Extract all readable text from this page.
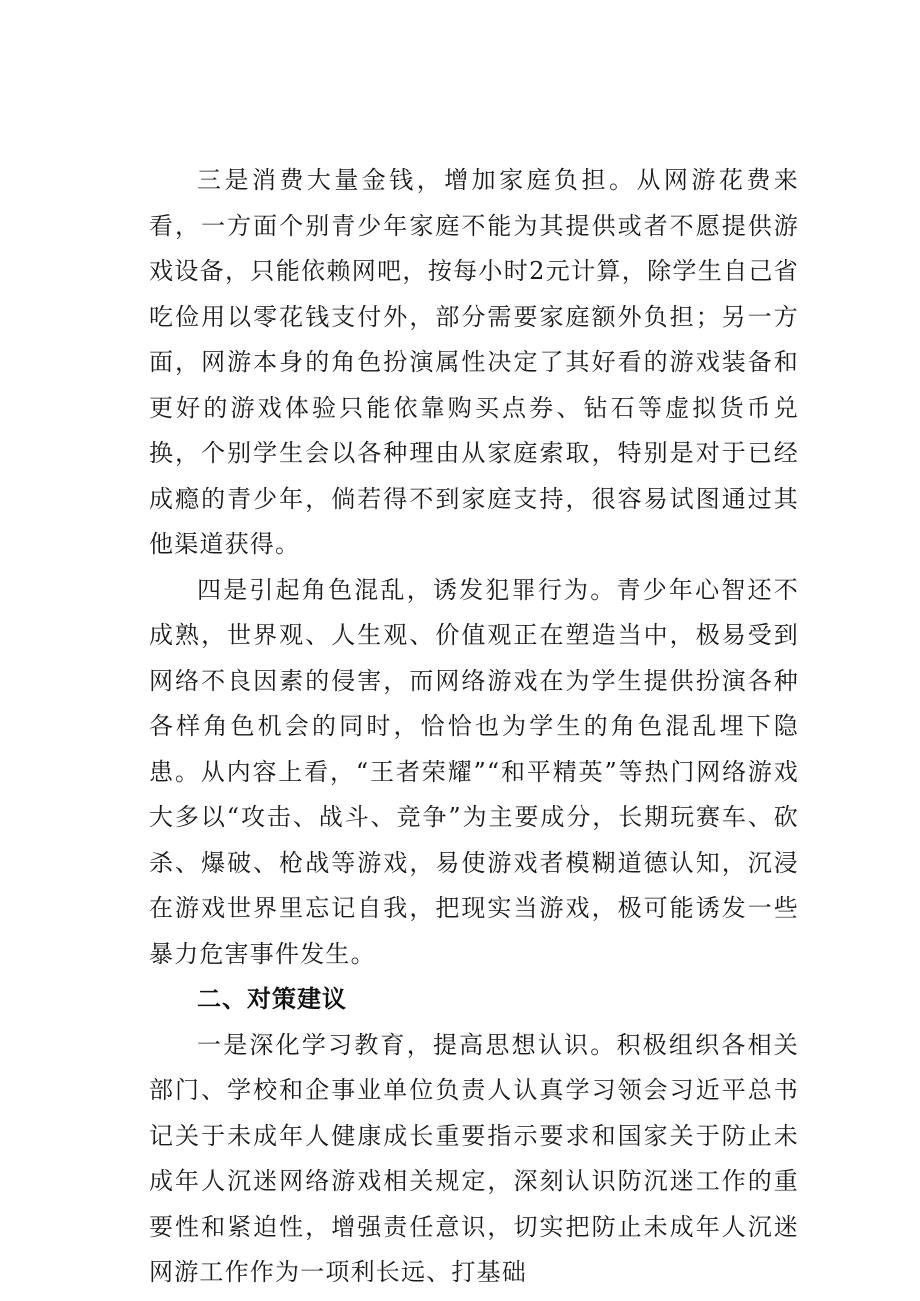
三是消费大量金钱，增加家庭负担。从网游花费来看，一方面个别青少年家庭不能为其提供或者不愿提供游戏设备，只能依赖网吧，按每小时2元计算，除学生自己省吃俭用以零花钱支付外，部分需要家庭额外负担；另一方面，网游本身的角色扮演属性决定了其好看的游戏装备和更好的游戏体验只能依靠购买点券、钻石等虚拟货币兑换，个别学生会以各种理由从家庭索取，特别是对于已经成瘾的青少年，倘若得不到家庭支持，很容易试图通过其他渠道获得。

四是引起角色混乱，诱发犯罪行为。青少年心智还不成熟，世界观、人生观、价值观正在塑造当中，极易受到网络不良因素的侵害，而网络游戏在为学生提供扮演各种各样角色机会的同时，恰恰也为学生的角色混乱埋下隐患。从内容上看，“王者荣耀”“和平精英”等热门网络游戏大多以“攻击、战斗、竞争”为主要成分，长期玩赛车、砍杀、爆破、枪战等游戏，易使游戏者模糊道德认知，沉浸在游戏世界里忘记自我，把现实当游戏，极可能诱发一些暴力危害事件发生。

二、对策建议

一是深化学习教育，提高思想认识。积极组织各相关部门、学校和企事业单位负责人认真学习领会习近平总书记关于未成年人健康成长重要指示要求和国家关于防止未成年人沉迷网络游戏相关规定，深刻认识防沉迷工作的重要性和紧迫性，增强责任意识，切实把防止未成年人沉迷网游工作作为一项利长远、打基础
